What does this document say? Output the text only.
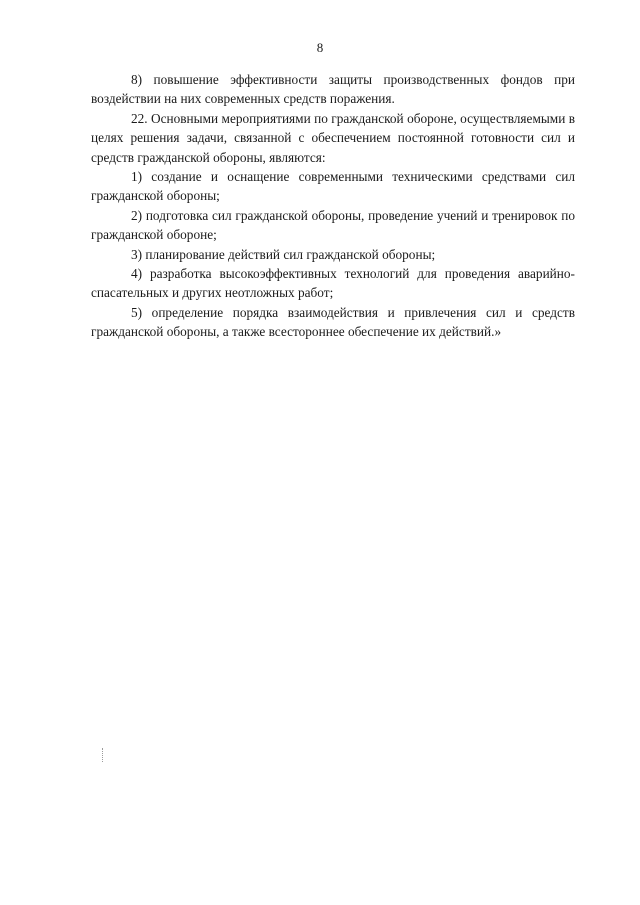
8

8) повышение эффективности защиты производственных фондов при воздействии на них современных средств поражения.

22. Основными мероприятиями по гражданской обороне, осуществляемыми в целях решения задачи, связанной с обеспечением постоянной готовности сил и средств гражданской обороны, являются:

1) создание и оснащение современными техническими средствами сил гражданской обороны;

2) подготовка сил гражданской обороны, проведение учений и тренировок по гражданской обороне;

3) планирование действий сил гражданской обороны;

4) разработка высокоэффективных технологий для проведения аварийно-спасательных и других неотложных работ;

5) определение порядка взаимодействия и привлечения сил и средств гражданской обороны, а также всестороннее обеспечение их действий.»
